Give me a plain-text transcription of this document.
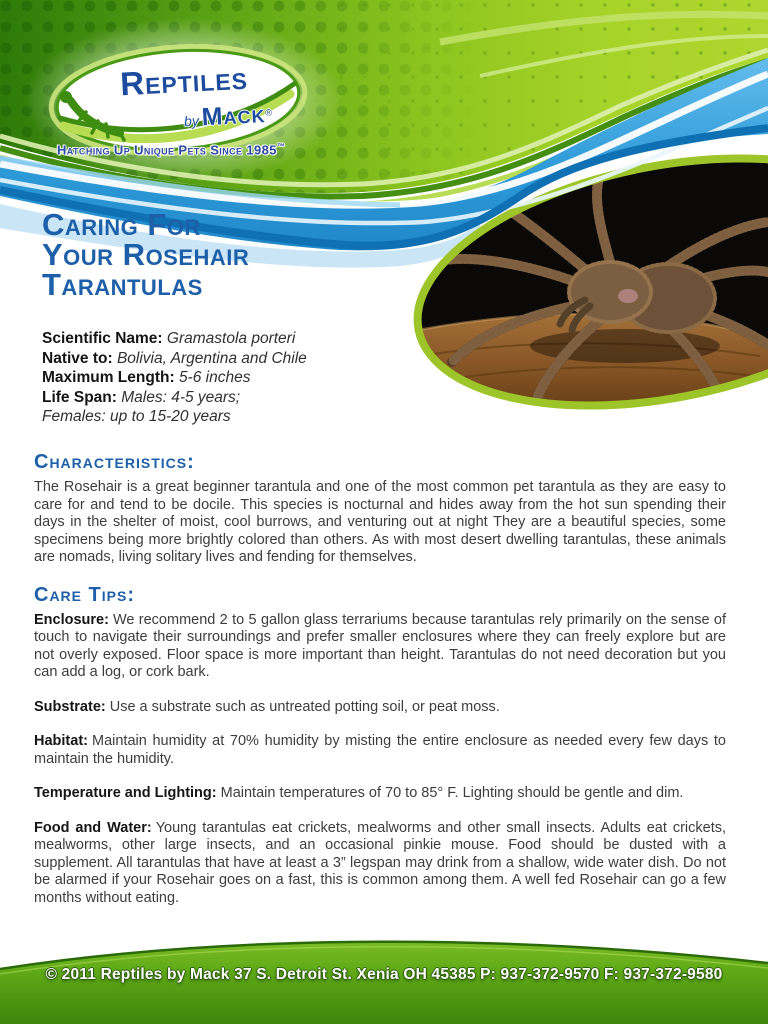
Reptiles
byMack®
Hatching Up Unique Pets Since 1985™
Caring For
Your Rosehair
Tarantulas
Scientific Name: Gramastola porteri
Native to: Bolivia, Argentina and Chile
Maximum Length: 5-6 inches
Life Span: Males: 4-5 years;
Females: up to 15-20 years
Characteristics:
The Rosehair is a great beginner tarantula and one of the most common pet tarantula as they are easy to care for and tend to be docile. This species is nocturnal and hides away from the hot sun spending their days in the shelter of moist, cool burrows, and venturing out at night They are a beautiful species, some specimens being more brightly colored than others. As with most desert dwelling tarantulas, these animals are nomads, living solitary lives and fending for themselves.
Care Tips:
Enclosure: We recommend 2 to 5 gallon glass terrariums because tarantulas rely primarily on the sense of touch to navigate their surroundings and prefer smaller enclosures where they can freely explore but are not overly exposed. Floor space is more important than height. Tarantulas do not need decoration but you can add a log, or cork bark.
Substrate: Use a substrate such as untreated potting soil, or peat moss.
Habitat: Maintain humidity at 70% humidity by misting the entire enclosure as needed every few days to maintain the humidity.
Temperature and Lighting: Maintain temperatures of 70 to 85° F. Lighting should be gentle and dim.
Food and Water: Young tarantulas eat crickets, mealworms and other small insects. Adults eat crickets, mealworms, other large insects, and an occasional pinkie mouse. Food should be dusted with a supplement. All tarantulas that have at least a 3” legspan may drink from a shallow, wide water dish. Do not be alarmed if your Rosehair goes on a fast, this is common among them. A well fed Rosehair can go a few months without eating.
© 2011 Reptiles by Mack 37 S. Detroit St. Xenia OH 45385 P: 937-372-9570 F: 937-372-9580
